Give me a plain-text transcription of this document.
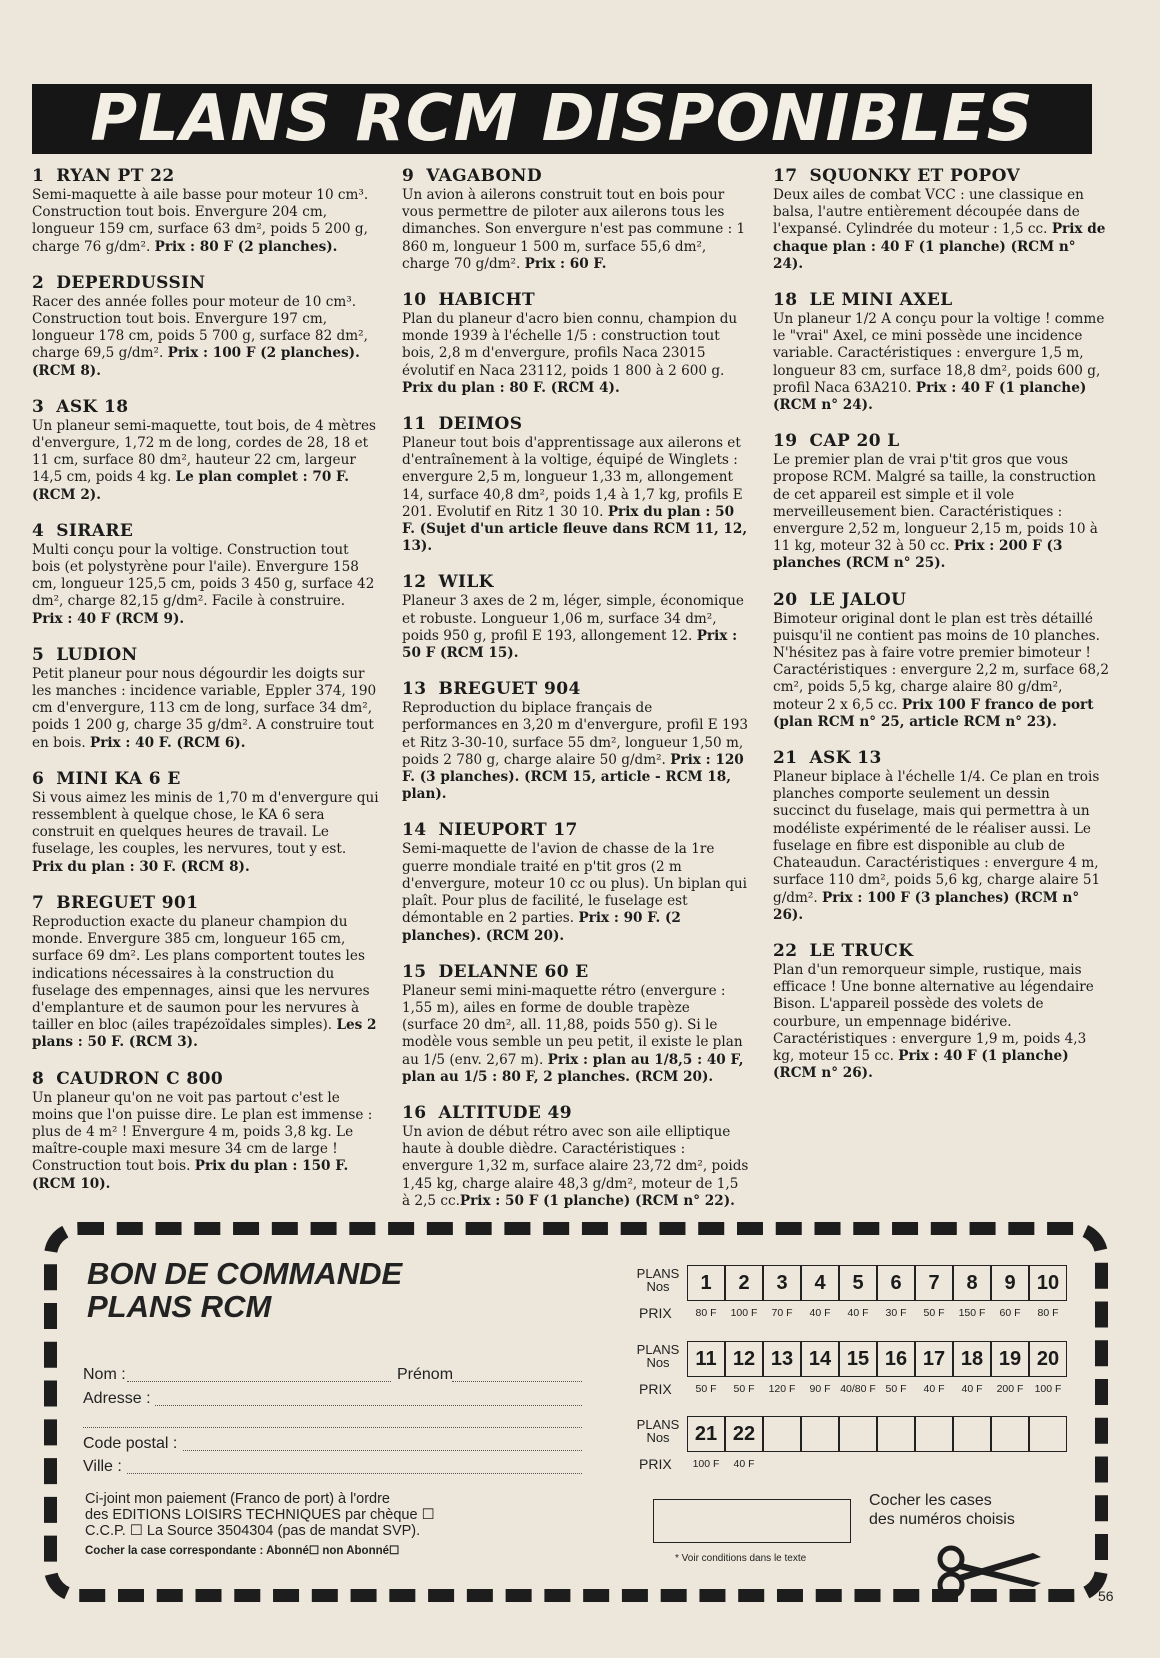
PLANS RCM DISPONIBLES
1 RYAN PT 22
Semi-maquette à aile basse pour moteur 10 cm³. Construction tout bois. Envergure 204 cm, longueur 159 cm, surface 63 dm², poids 5 200 g, charge 76 g/dm². Prix : 80 F (2 planches).
2 DEPERDUSSIN
Racer des année folles pour moteur de 10 cm³. Construction tout bois. Envergure 197 cm, longueur 178 cm, poids 5 700 g, surface 82 dm², charge 69,5 g/dm². Prix : 100 F (2 planches). (RCM 8).
3 ASK 18
Un planeur semi-maquette, tout bois, de 4 mètres d'envergure, 1,72 m de long, cordes de 28, 18 et 11 cm, surface 80 dm², hauteur 22 cm, largeur 14,5 cm, poids 4 kg. Le plan complet : 70 F. (RCM 2).
4 SIRARE
Multi conçu pour la voltige. Construction tout bois (et polystyrène pour l'aile). Envergure 158 cm, longueur 125,5 cm, poids 3 450 g, surface 42 dm², charge 82,15 g/dm². Facile à construire. Prix : 40 F (RCM 9).
5 LUDION
Petit planeur pour nous dégourdir les doigts sur les manches : incidence variable, Eppler 374, 190 cm d'envergure, 113 cm de long, surface 34 dm², poids 1 200 g, charge 35 g/dm². A construire tout en bois. Prix : 40 F. (RCM 6).
6 MINI KA 6 E
Si vous aimez les minis de 1,70 m d'envergure qui ressemblent à quelque chose, le KA 6 sera construit en quelques heures de travail. Le fuselage, les couples, les nervures, tout y est. Prix du plan : 30 F. (RCM 8).
7 BREGUET 901
Reproduction exacte du planeur champion du monde. Envergure 385 cm, longueur 165 cm, surface 69 dm². Les plans comportent toutes les indications nécessaires à la construction du fuselage des empennages, ainsi que les nervures d'emplanture et de saumon pour les nervures à tailler en bloc (ailes trapézoïdales simples). Les 2 plans : 50 F. (RCM 3).
8 CAUDRON C 800
Un planeur qu'on ne voit pas partout c'est le moins que l'on puisse dire. Le plan est immense : plus de 4 m² ! Envergure 4 m, poids 3,8 kg. Le maître-couple maxi mesure 34 cm de large ! Construction tout bois. Prix du plan : 150 F. (RCM 10).
9 VAGABOND
Un avion à ailerons construit tout en bois pour vous permettre de piloter aux ailerons tous les dimanches. Son envergure n'est pas commune : 1 860 m, longueur 1 500 m, surface 55,6 dm², charge 70 g/dm². Prix : 60 F.
10 HABICHT
Plan du planeur d'acro bien connu, champion du monde 1939 à l'échelle 1/5 : construction tout bois, 2,8 m d'envergure, profils Naca 23015 évolutif en Naca 23112, poids 1 800 à 2 600 g. Prix du plan : 80 F. (RCM 4).
11 DEIMOS
Planeur tout bois d'apprentissage aux ailerons et d'entraînement à la voltige, équipé de Winglets : envergure 2,5 m, longueur 1,33 m, allongement 14, surface 40,8 dm², poids 1,4 à 1,7 kg, profils E 201. Evolutif en Ritz 1 30 10. Prix du plan : 50 F. (Sujet d'un article fleuve dans RCM 11, 12, 13).
12 WILK
Planeur 3 axes de 2 m, léger, simple, économique et robuste. Longueur 1,06 m, surface 34 dm², poids 950 g, profil E 193, allongement 12. Prix : 50 F (RCM 15).
13 BREGUET 904
Reproduction du biplace français de performances en 3,20 m d'envergure, profil E 193 et Ritz 3-30-10, surface 55 dm², longueur 1,50 m, poids 2 780 g, charge alaire 50 g/dm². Prix : 120 F. (3 planches). (RCM 15, article - RCM 18, plan).
14 NIEUPORT 17
Semi-maquette de l'avion de chasse de la 1re guerre mondiale traité en p'tit gros (2 m d'envergure, moteur 10 cc ou plus). Un biplan qui plaît. Pour plus de facilité, le fuselage est démontable en 2 parties. Prix : 90 F. (2 planches). (RCM 20).
15 DELANNE 60 E
Planeur semi mini-maquette rétro (envergure : 1,55 m), ailes en forme de double trapèze (surface 20 dm², all. 11,88, poids 550 g). Si le modèle vous semble un peu petit, il existe le plan au 1/5 (env. 2,67 m). Prix : plan au 1/8,5 : 40 F, plan au 1/5 : 80 F, 2 planches. (RCM 20).
16 ALTITUDE 49
Un avion de début rétro avec son aile elliptique haute à double dièdre. Caractéristiques : envergure 1,32 m, surface alaire 23,72 dm², poids 1,45 kg, charge alaire 48,3 g/dm², moteur de 1,5 à 2,5 cc.Prix : 50 F (1 planche) (RCM n° 22).
17 SQUONKY ET POPOV
Deux ailes de combat VCC : une classique en balsa, l'autre entièrement découpée dans de l'expansé. Cylindrée du moteur : 1,5 cc. Prix de chaque plan : 40 F (1 planche) (RCM n° 24).
18 LE MINI AXEL
Un planeur 1/2 A conçu pour la voltige ! comme le "vrai" Axel, ce mini possède une incidence variable. Caractéristiques : envergure 1,5 m, longueur 83 cm, surface 18,8 dm², poids 600 g, profil Naca 63A210. Prix : 40 F (1 planche) (RCM n° 24).
19 CAP 20 L
Le premier plan de vrai p'tit gros que vous propose RCM. Malgré sa taille, la construction de cet appareil est simple et il vole merveilleusement bien. Caractéristiques : envergure 2,52 m, longueur 2,15 m, poids 10 à 11 kg, moteur 32 à 50 cc. Prix : 200 F (3 planches (RCM n° 25).
20 LE JALOU
Bimoteur original dont le plan est très détaillé puisqu'il ne contient pas moins de 10 planches. N'hésitez pas à faire votre premier bimoteur ! Caractéristiques : envergure 2,2 m, surface 68,2 cm², poids 5,5 kg, charge alaire 80 g/dm², moteur 2 x 6,5 cc. Prix 100 F franco de port (plan RCM n° 25, article RCM n° 23).
21 ASK 13
Planeur biplace à l'échelle 1/4. Ce plan en trois planches comporte seulement un dessin succinct du fuselage, mais qui permettra à un modéliste expérimenté de le réaliser aussi. Le fuselage en fibre est disponible au club de Chateaudun. Caractéristiques : envergure 4 m, surface 110 dm², poids 5,6 kg, charge alaire 51 g/dm². Prix : 100 F (3 planches) (RCM n° 26).
22 LE TRUCK
Plan d'un remorqueur simple, rustique, mais efficace ! Une bonne alternative au légendaire Bison. L'appareil possède des volets de courbure, un empennage bidérive. Caractéristiques : envergure 1,9 m, poids 4,3 kg, moteur 15 cc. Prix : 40 F (1 planche) (RCM n° 26).
BON DE COMMANDE
PLANS RCM
Nom :	Prénom
Adresse :
Code postal :
Ville :
Ci-joint mon paiement (Franco de port) à l'ordre
des EDITIONS LOISIRS TECHNIQUES par chèque ☐
C.C.P. ☐ La Source 3504304 (pas de mandat SVP).
Cocher la case correspondante : Abonné☐ non Abonné☐
PLANS
Nos
PRIX
1
80 F
2
100 F
3
70 F
4
40 F
5
40 F
6
30 F
7
50 F
8
150 F
9
60 F
10
80 F
PLANS
Nos
PRIX
11
50 F
12
50 F
13
120 F
14
90 F
15
40/80 F
16
50 F
17
40 F
18
40 F
19
200 F
20
100 F
PLANS
Nos
PRIX
21
100 F
22
40 F
Cocher les cases
des numéros choisis
* Voir conditions dans le texte
56
